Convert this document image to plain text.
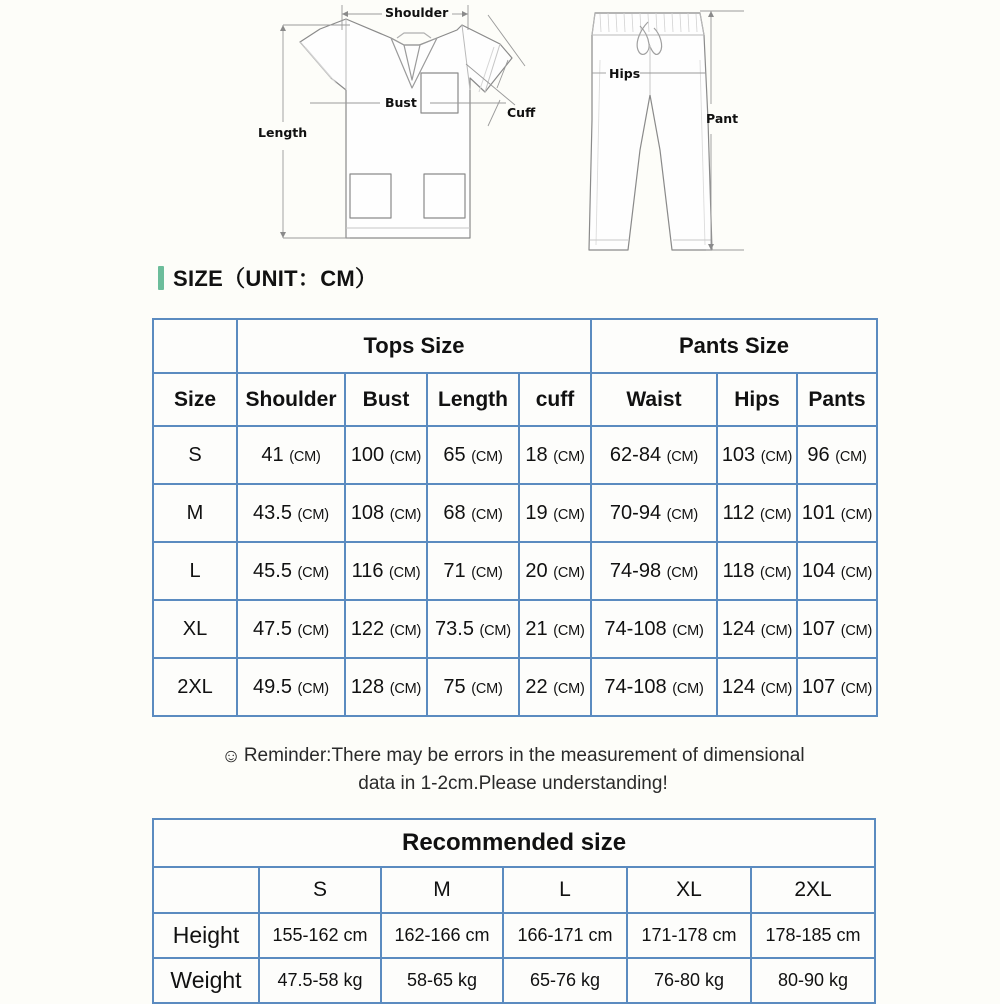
Shoulder
Bust
Length
Cuff
Hips
Pant
SIZE（UNIT：CM）
	Tops Size				Pants Size		
Size	Shoulder	Bust	Length	cuff	Waist	Hips	Pants
S	41 (CM)	100 (CM)	65 (CM)	18 (CM)	62-84 (CM)	103 (CM)	96 (CM)
M	43.5 (CM)	108 (CM)	68 (CM)	19 (CM)	70-94 (CM)	112 (CM)	101 (CM)
L	45.5 (CM)	116 (CM)	71 (CM)	20 (CM)	74-98 (CM)	118 (CM)	104 (CM)
XL	47.5 (CM)	122 (CM)	73.5 (CM)	21 (CM)	74-108 (CM)	124 (CM)	107 (CM)
2XL	49.5 (CM)	128 (CM)	75 (CM)	22 (CM)	74-108 (CM)	124 (CM)	107 (CM)
☺ Reminder:There may be errors in the measurement of dimensional
data in 1-2cm.Please understanding!
Recommended size					
	S	M	L	XL	2XL
Height	155-162 cm	162-166 cm	166-171 cm	171-178 cm	178-185 cm
Weight	47.5-58 kg	58-65 kg	65-76 kg	76-80 kg	80-90 kg
